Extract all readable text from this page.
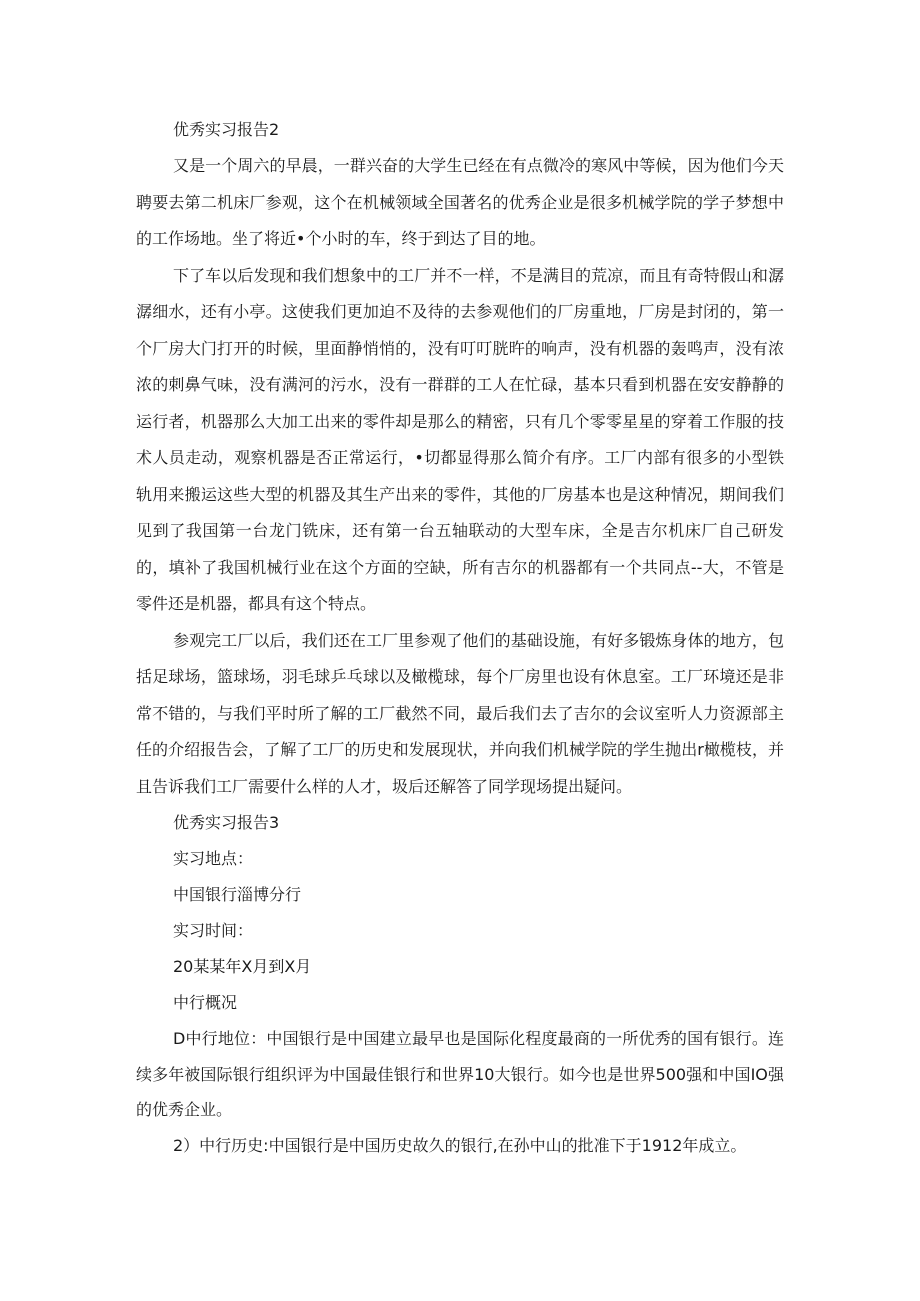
优秀实习报告2

又是一个周六的早晨，一群兴奋的大学生已经在有点微冷的寒风中等候，因为他们今天聘要去第二机床厂参观，这个在机械领域全国著名的优秀企业是很多机械学院的学子梦想中的工作场地。坐了将近•个小时的车，终于到达了目的地。

下了车以后发现和我们想象中的工厂并不一样，不是满目的荒凉，而且有奇特假山和潺潺细水，还有小亭。这使我们更加迫不及待的去参观他们的厂房重地，厂房是封闭的，第一个厂房大门打开的时候，里面静悄悄的，没有叮叮胱旿的响声，没有机器的轰鸣声，没有浓浓的刺鼻气味，没有满河的污水，没有一群群的工人在忙碌，基本只看到机器在安安静静的运行者，机器那么大加工出来的零件却是那么的精密，只有几个零零星星的穿着工作服的技术人员走动，观察机器是否正常运行，•切都显得那么简介有序。工厂内部有很多的小型铁轨用来搬运这些大型的机器及其生产出来的零件，其他的厂房基本也是这种情况，期间我们见到了我国第一台龙门铣床，还有第一台五轴联动的大型车床，全是吉尔机床厂自己研发的，填补了我国机械行业在这个方面的空缺，所有吉尔的机器都有一个共同点--大，不管是零件还是机器，都具有这个特点。

参观完工厂以后，我们还在工厂里参观了他们的基础设施，有好多锻炼身体的地方，包括足球场，篮球场，羽毛球乒乓球以及橄榄球，每个厂房里也设有休息室。工厂环境还是非常不错的，与我们平时所了解的工厂截然不同，最后我们去了吉尔的会议室听人力资源部主任的介绍报告会，了解了工厂的历史和发展现状，并向我们机械学院的学生抛出r橄榄枝，并且告诉我们工厂需要什么样的人才，圾后还解答了同学现场提出疑问。

优秀实习报告3

实习地点：

中国银行淄博分行

实习时间：

20某某年X月到X月

中行概况

D中行地位：中国银行是中国建立最早也是国际化程度最商的一所优秀的国有银行。连续多年被国际银行组织评为中国最佳银行和世界10大银行。如今也是世界500强和中国IO强的优秀企业。

2）中行历史:中国银行是中国历史故久的银行,在孙中山的批准下于1912年成立。
